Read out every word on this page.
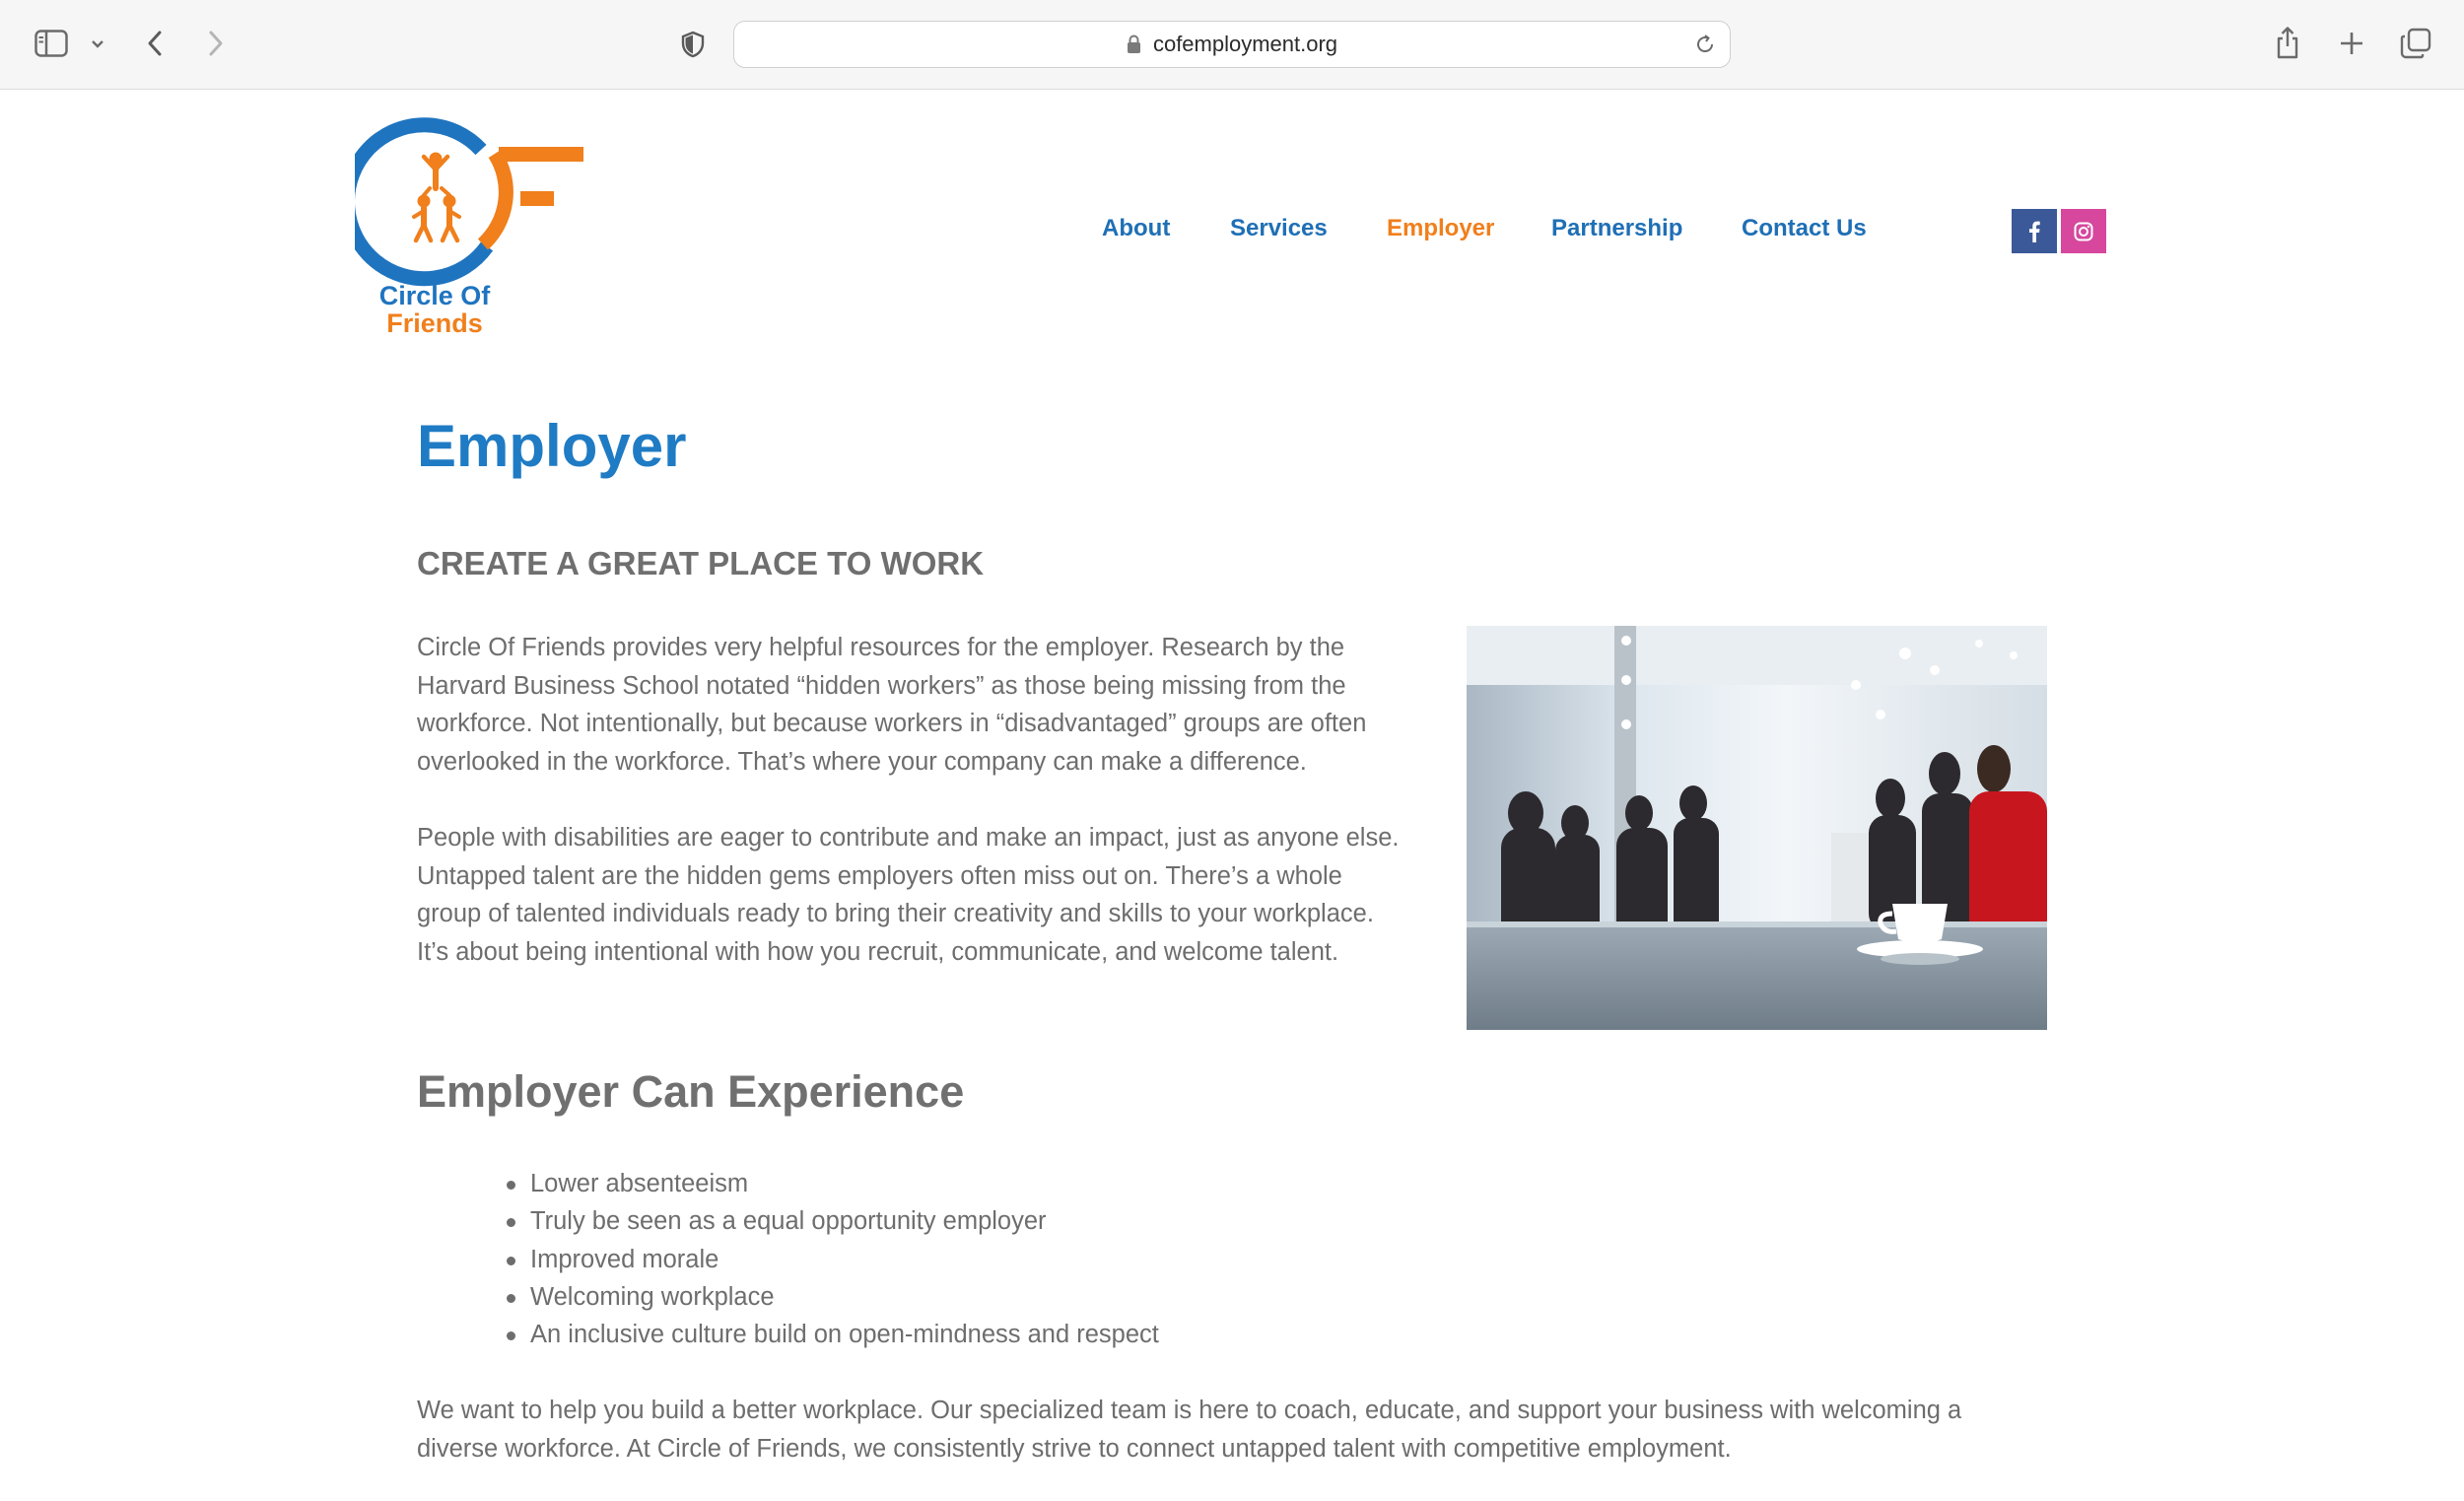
cofemployment.org
Circle Of
Friends
About	Services	Employer Partnership Contact Us
Employer
CREATE A GREAT PLACE TO WORK
Circle Of Friends provides very helpful resources for the employer. Research by the
Harvard Business School notated “hidden workers” as those being missing from the
workforce. Not intentionally, but because workers in “disadvantaged” groups are often
overlooked in the workforce. That’s where your company can make a difference.
People with disabilities are eager to contribute and make an impact, just as anyone else.
Untapped talent are the hidden gems employers often miss out on. There’s a whole
group of talented individuals ready to bring their creativity and skills to your workplace.
It’s about being intentional with how you recruit, communicate, and welcome talent.
Employer Can Experience
Lower absenteeism
Truly be seen as a equal opportunity employer
Improved morale
Welcoming workplace
An inclusive culture build on open-mindness and respect
We want to help you build a better workplace. Our specialized team is here to coach, educate, and support your business with welcoming a
diverse workforce. At Circle of Friends, we consistently strive to connect untapped talent with competitive employment.
